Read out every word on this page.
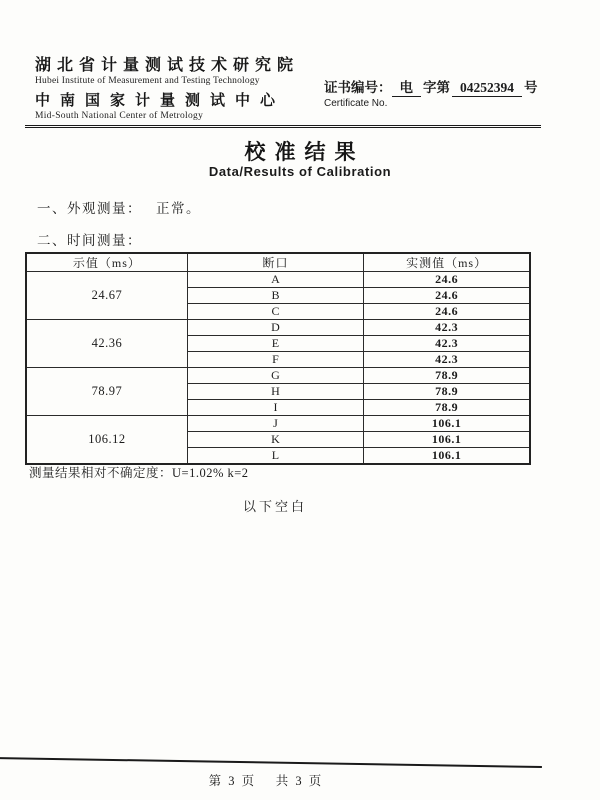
湖北省计量测试技术研究院
Hubei Institute of Measurement and Testing Technology
中南国家计量测试中心
Mid-South National Center of Metrology
证书编号： 电 字第 04252394 号
Certificate No.
校准结果
Data/Results of Calibration
一、外观测量： 正常。
二、时间测量：
示值（ms）	断口	实测值（ms）
24.67	A	24.6
	B	24.6
	C	24.6
42.36	D	42.3
	E	42.3
	F	42.3
78.97	G	78.9
	H	78.9
	I	78.9
106.12	J	106.1
	K	106.1
	L	106.1
测量结果相对不确定度：U=1.02% k=2
以下空白
第 3 页　 共 3 页
